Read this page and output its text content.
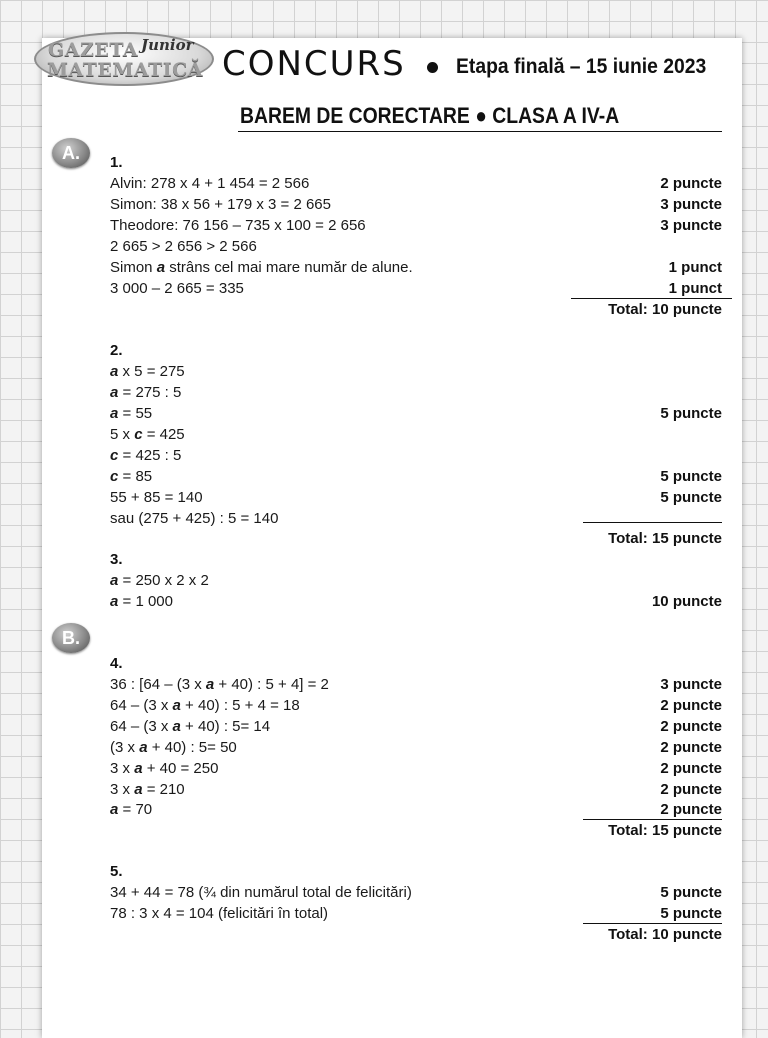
GAZETA Junior
MATEMATICĂ CONCURS Etapa finală – 15 iunie 2023
BAREM DE CORECTARE ● CLASA A IV-A
A.
B.
1.
Alvin: 278 x 4 + 1 454 = 2 566	2 puncte
Simon: 38 x 56 + 179 x 3 = 2 665	3 puncte
Theodore: 76 156 – 735 x 100 = 2 656	3 puncte
2 665 > 2 656 > 2 566
Simon a strâns cel mai mare număr de alune.	1 punct
3 000 – 2 665 = 335	1 punct
Total: 10 puncte
2.
a x 5 = 275
a = 275 : 5
a = 55	5 puncte
5 x c = 425
c = 425 : 5
c = 85	5 puncte
55 + 85 = 140	5 puncte
sau (275 + 425) : 5 = 140
Total: 15 puncte
3.
a = 250 x 2 x 2
a = 1 000	10 puncte
4.
36 : [64 – (3 x a + 40) : 5 + 4] = 2	3 puncte
64 – (3 x a + 40) : 5 + 4 = 18	2 puncte
64 – (3 x a + 40) : 5= 14	2 puncte
(3 x a + 40) : 5= 50	2 puncte
3 x a + 40 = 250	2 puncte
3 x a = 210	2 puncte
a = 70	2 puncte
Total: 15 puncte
5.
34 + 44 = 78 (¾ din numărul total de felicitări)	5 puncte
78 : 3 x 4 = 104 (felicitări în total)	5 puncte
Total: 10 puncte
